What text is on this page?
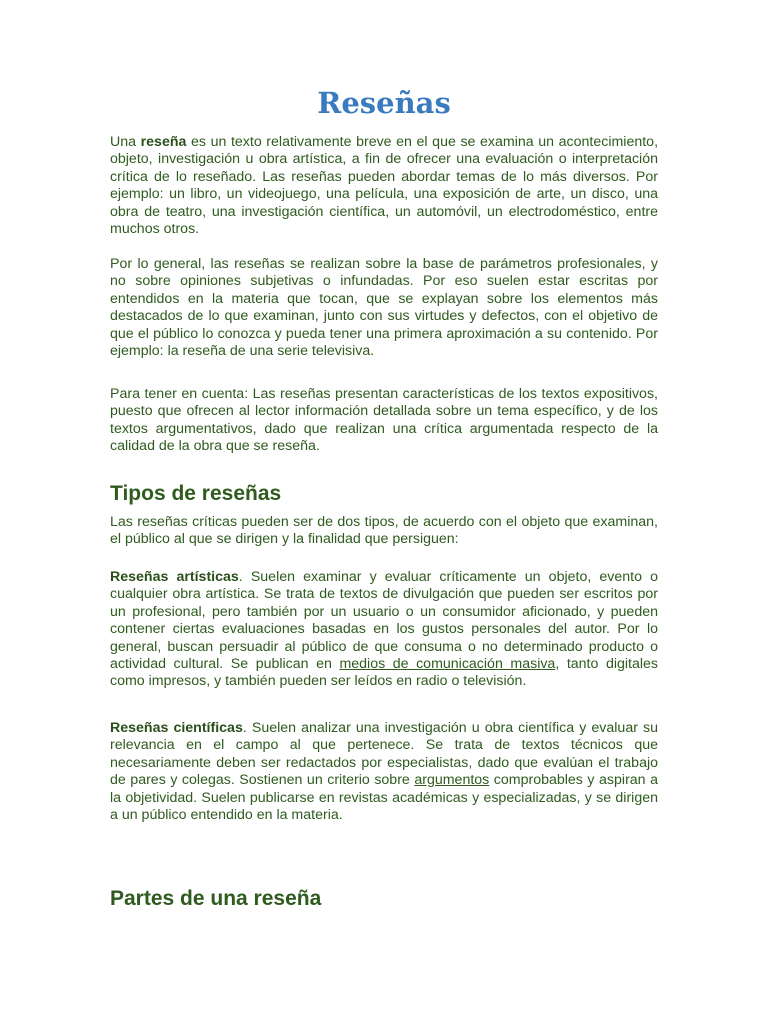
Reseñas

Una reseña es un texto relativamente breve en el que se examina un acontecimiento, objeto, investigación u obra artística, a fin de ofrecer una evaluación o interpretación crítica de lo reseñado. Las reseñas pueden abordar temas de lo más diversos. Por ejemplo: un libro, un videojuego, una película, una exposición de arte, un disco, una obra de teatro, una investigación científica, un automóvil, un electrodoméstico, entre muchos otros.

Por lo general, las reseñas se realizan sobre la base de parámetros profesionales, y no sobre opiniones subjetivas o infundadas. Por eso suelen estar escritas por entendidos en la materia que tocan, que se explayan sobre los elementos más destacados de lo que examinan, junto con sus virtudes y defectos, con el objetivo de que el público lo conozca y pueda tener una primera aproximación a su contenido. Por ejemplo: la reseña de una serie televisiva.

Para tener en cuenta: Las reseñas presentan características de los textos expositivos, puesto que ofrecen al lector información detallada sobre un tema específico, y de los textos argumentativos, dado que realizan una crítica argumentada respecto de la calidad de la obra que se reseña.

Tipos de reseñas

Las reseñas críticas pueden ser de dos tipos, de acuerdo con el objeto que examinan, el público al que se dirigen y la finalidad que persiguen:

Reseñas artísticas. Suelen examinar y evaluar críticamente un objeto, evento o cualquier obra artística. Se trata de textos de divulgación que pueden ser escritos por un profesional, pero también por un usuario o un consumidor aficionado, y pueden contener ciertas evaluaciones basadas en los gustos personales del autor. Por lo general, buscan persuadir al público de que consuma o no determinado producto o actividad cultural. Se publican en medios de comunicación masiva, tanto digitales como impresos, y también pueden ser leídos en radio o televisión.

Reseñas científicas. Suelen analizar una investigación u obra científica y evaluar su relevancia en el campo al que pertenece. Se trata de textos técnicos que necesariamente deben ser redactados por especialistas, dado que evalúan el trabajo de pares y colegas. Sostienen un criterio sobre argumentos comprobables y aspiran a la objetividad. Suelen publicarse en revistas académicas y especializadas, y se dirigen a un público entendido en la materia.

Partes de una reseña
